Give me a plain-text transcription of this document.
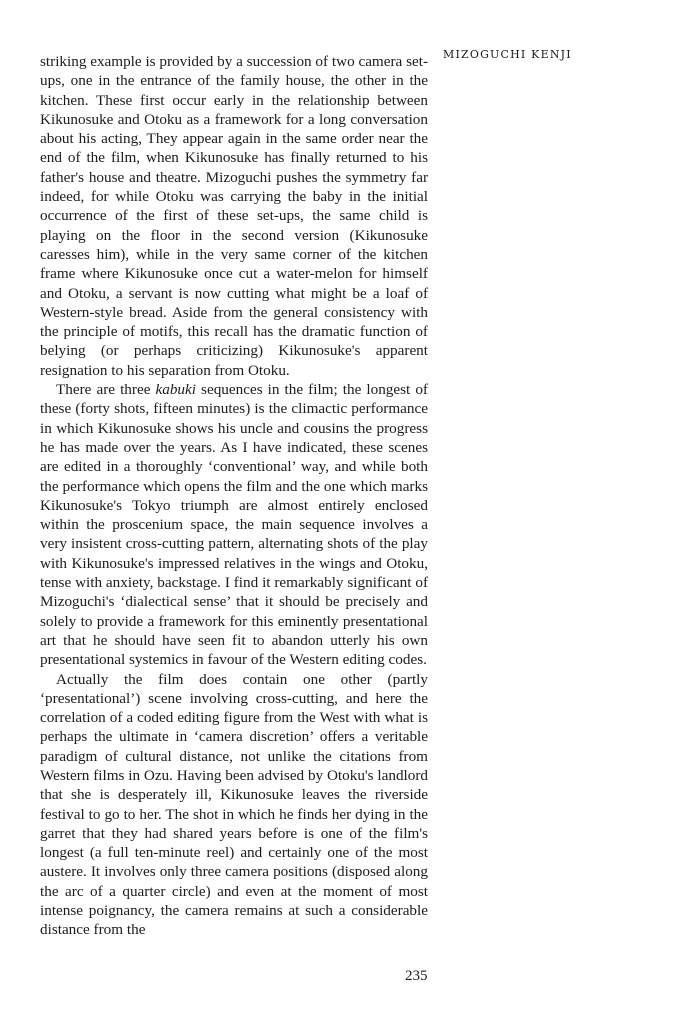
MIZOGUCHI KENJI

striking example is provided by a succession of two camera set-ups, one in the entrance of the family house, the other in the kitchen. These first occur early in the relationship between Kikunosuke and Otoku as a framework for a long conversation about his acting, They appear again in the same order near the end of the film, when Kikunosuke has finally returned to his father's house and theatre. Mizoguchi pushes the symmetry far indeed, for while Otoku was carrying the baby in the initial occurrence of the first of these set-ups, the same child is playing on the floor in the second version (Kikunosuke caresses him), while in the very same corner of the kitchen frame where Kikunosuke once cut a water-melon for himself and Otoku, a servant is now cutting what might be a loaf of Western-style bread. Aside from the general consistency with the principle of motifs, this recall has the dramatic function of belying (or perhaps criticizing) Kikunosuke's apparent resignation to his separation from Otoku.

There are three kabuki sequences in the film; the longest of these (forty shots, fifteen minutes) is the climactic performance in which Kikunosuke shows his uncle and cousins the progress he has made over the years. As I have indicated, these scenes are edited in a thoroughly ‘conventional’ way, and while both the performance which opens the film and the one which marks Kikunosuke's Tokyo triumph are almost entirely enclosed within the proscenium space, the main sequence involves a very insistent cross-cutting pattern, alternating shots of the play with Kikunosuke's impressed relatives in the wings and Otoku, tense with anxiety, backstage. I find it remarkably significant of Mizoguchi's ‘dialectical sense’ that it should be precisely and solely to provide a framework for this eminently presentational art that he should have seen fit to abandon utterly his own presentational systemics in favour of the Western editing codes.

Actually the film does contain one other (partly ‘presentational’) scene involving cross-cutting, and here the correlation of a coded editing figure from the West with what is perhaps the ultimate in ‘camera discretion’ offers a veritable paradigm of cultural distance, not unlike the citations from Western films in Ozu. Having been advised by Otoku's landlord that she is desperately ill, Kikunosuke leaves the riverside festival to go to her. The shot in which he finds her dying in the garret that they had shared years before is one of the film's longest (a full ten-minute reel) and certainly one of the most austere. It involves only three camera positions (disposed along the arc of a quarter circle) and even at the moment of most intense poignancy, the camera remains at such a considerable distance from the

235
